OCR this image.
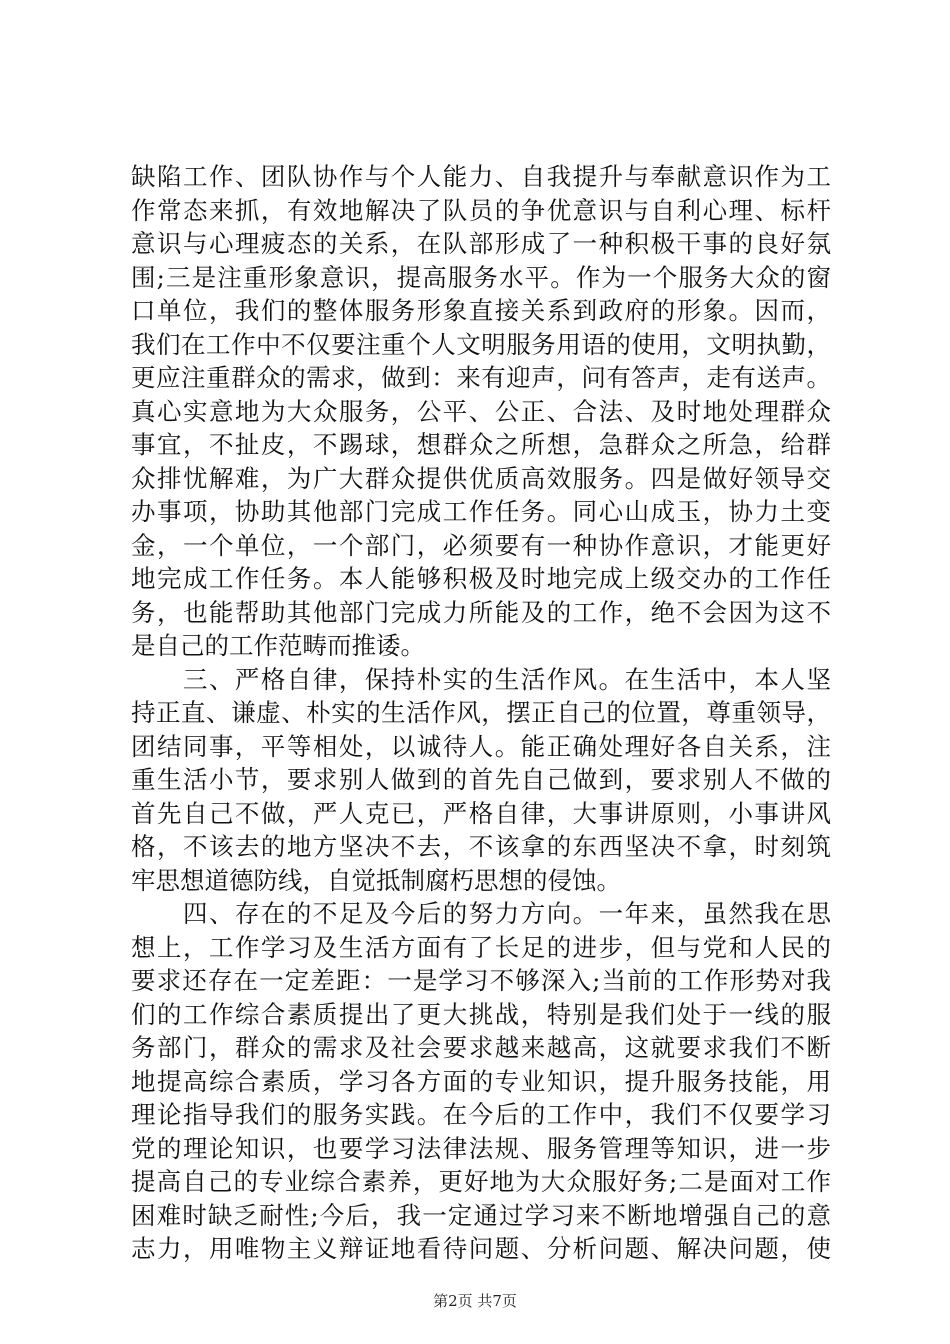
缺陷工作、团队协作与个人能力、自我提升与奉献意识作为工
作常态来抓，有效地解决了队员的争优意识与自利心理、标杆
意识与心理疲态的关系，在队部形成了一种积极干事的良好氛
围;三是注重形象意识，提高服务水平。作为一个服务大众的窗
口单位，我们的整体服务形象直接关系到政府的形象。因而，
我们在工作中不仅要注重个人文明服务用语的使用，文明执勤，
更应注重群众的需求，做到：来有迎声，问有答声，走有送声。
真心实意地为大众服务，公平、公正、合法、及时地处理群众
事宜，不扯皮，不踢球，想群众之所想，急群众之所急，给群
众排忧解难，为广大群众提供优质高效服务。四是做好领导交
办事项，协助其他部门完成工作任务。同心山成玉，协力土变
金，一个单位，一个部门，必须要有一种协作意识，才能更好
地完成工作任务。本人能够积极及时地完成上级交办的工作任
务，也能帮助其他部门完成力所能及的工作，绝不会因为这不
是自己的工作范畴而推诿。
　　三、严格自律，保持朴实的生活作风。在生活中，本人坚
持正直、谦虚、朴实的生活作风，摆正自己的位置，尊重领导，
团结同事，平等相处，以诚待人。能正确处理好各自关系，注
重生活小节，要求别人做到的首先自己做到，要求别人不做的
首先自己不做，严人克已，严格自律，大事讲原则，小事讲风
格，不该去的地方坚决不去，不该拿的东西坚决不拿，时刻筑
牢思想道德防线，自觉抵制腐朽思想的侵蚀。
　　四、存在的不足及今后的努力方向。一年来，虽然我在思
想上，工作学习及生活方面有了长足的进步，但与党和人民的
要求还存在一定差距：一是学习不够深入;当前的工作形势对我
们的工作综合素质提出了更大挑战，特别是我们处于一线的服
务部门，群众的需求及社会要求越来越高，这就要求我们不断
地提高综合素质，学习各方面的专业知识，提升服务技能，用
理论指导我们的服务实践。在今后的工作中，我们不仅要学习
党的理论知识，也要学习法律法规、服务管理等知识，进一步
提高自己的专业综合素养，更好地为大众服好务;二是面对工作
困难时缺乏耐性;今后，我一定通过学习来不断地增强自己的意
志力，用唯物主义辩证地看待问题、分析问题、解决问题，使
第2页 共7页
